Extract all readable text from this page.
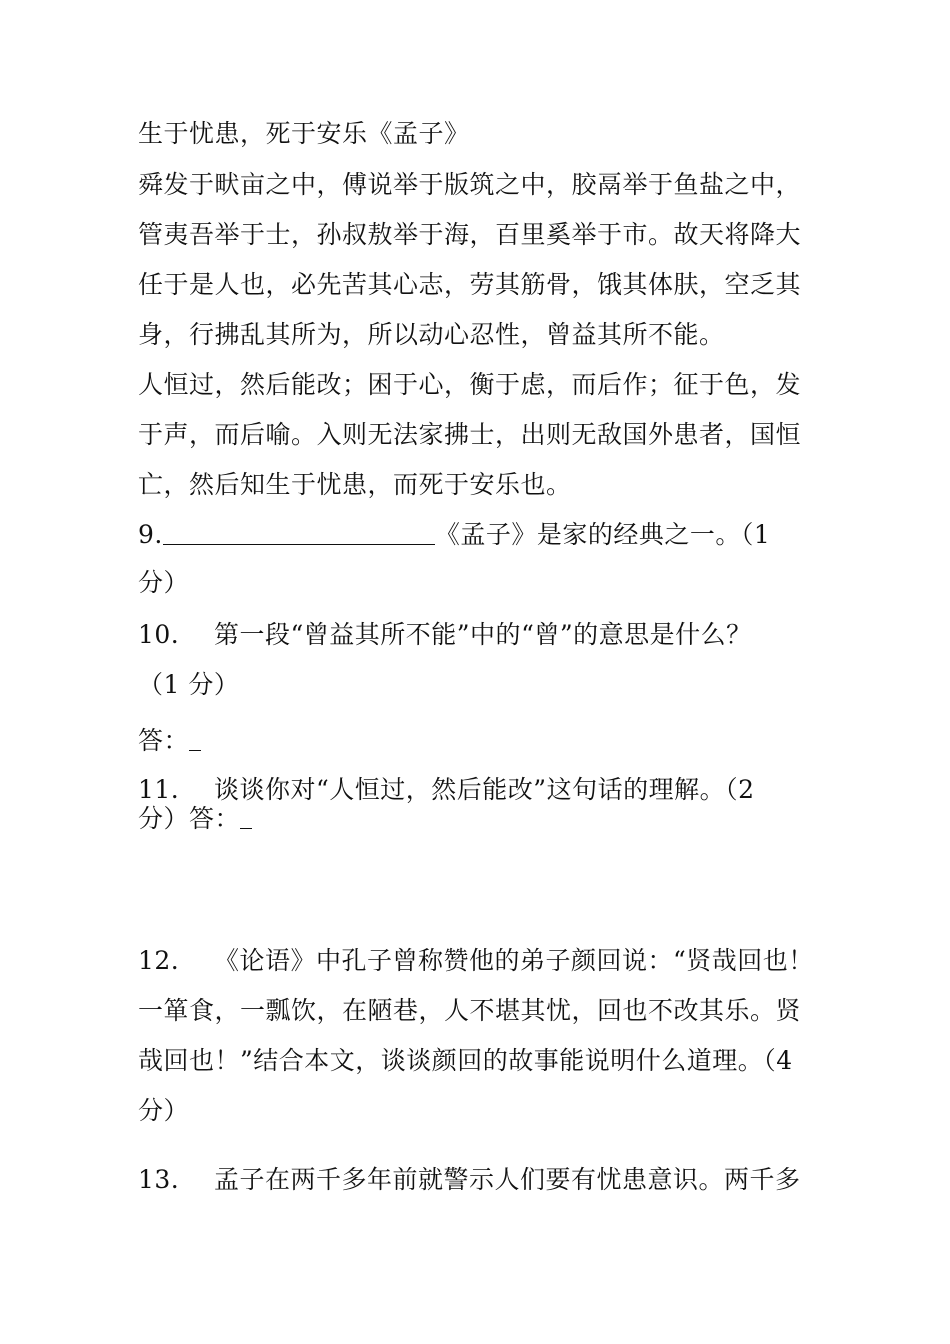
生于忧患，死于安乐《孟子》
舜发于畎亩之中，傅说举于版筑之中，胶鬲举于鱼盐之中，
管夷吾举于士，孙叔敖举于海，百里奚举于市。故天将降大
任于是人也，必先苦其心志，劳其筋骨，饿其体肤，空乏其
身，行拂乱其所为，所以动心忍性，曾益其所不能。
人恒过，然后能改；困于心，衡于虑，而后作；征于色，发
于声，而后喻。入则无法家拂士，出则无敌国外患者，国恒
亡，然后知生于忧患，而死于安乐也。
9.	《孟子》是家的经典之一。（1
分）
10. 第一段“曾益其所不能”中的“曾”的意思是什么？
（1 分）
答：
11. 谈谈你对“人恒过，然后能改”这句话的理解。（2
分）答：
12. 《论语》中孔子曾称赞他的弟子颜回说：“贤哉回也！
一箪食，一瓢饮，在陋巷，人不堪其忧，回也不改其乐。贤
哉回也！”结合本文，谈谈颜回的故事能说明什么道理。（4
分）
13. 孟子在两千多年前就警示人们要有忧患意识。两千多
